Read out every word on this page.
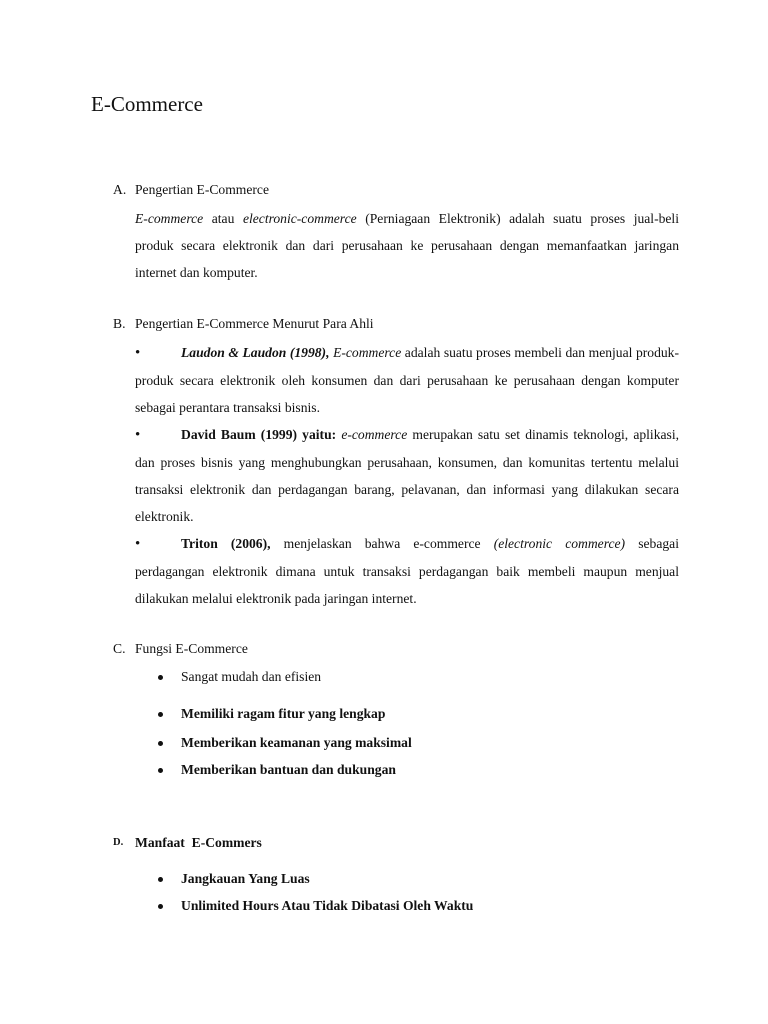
E-Commerce
A. Pengertian E-Commerce

E-commerce atau electronic-commerce (Perniagaan Elektronik) adalah suatu proses jual-beli produk secara elektronik dan dari perusahaan ke perusahaan dengan memanfaatkan jaringan internet dan komputer.

B. Pengertian E-Commerce Menurut Para Ahli

•	Laudon & Laudon (1998), E-commerce adalah suatu proses membeli dan menjual produk-produk secara elektronik oleh konsumen dan dari perusahaan ke perusahaan dengan komputer sebagai perantara transaksi bisnis.

•	David Baum (1999) yaitu: e-commerce merupakan satu set dinamis teknologi, aplikasi, dan proses bisnis yang menghubungkan perusahaan, konsumen, dan komunitas tertentu melalui transaksi elektronik dan perdagangan barang, pelavanan, dan informasi yang dilakukan secara elektronik.

•	Triton (2006), menjelaskan bahwa e-commerce (electronic commerce) sebagai perdagangan elektronik dimana untuk transaksi perdagangan baik membeli maupun menjual dilakukan melalui elektronik pada jaringan internet.

C. Fungsi E-Commerce
Sangat mudah dan efisien
Memiliki ragam fitur yang lengkap
Memberikan keamanan yang maksimal
Memberikan bantuan dan dukungan
D. Manfaat  E-Commers
Jangkauan Yang Luas
Unlimited Hours Atau Tidak Dibatasi Oleh Waktu
